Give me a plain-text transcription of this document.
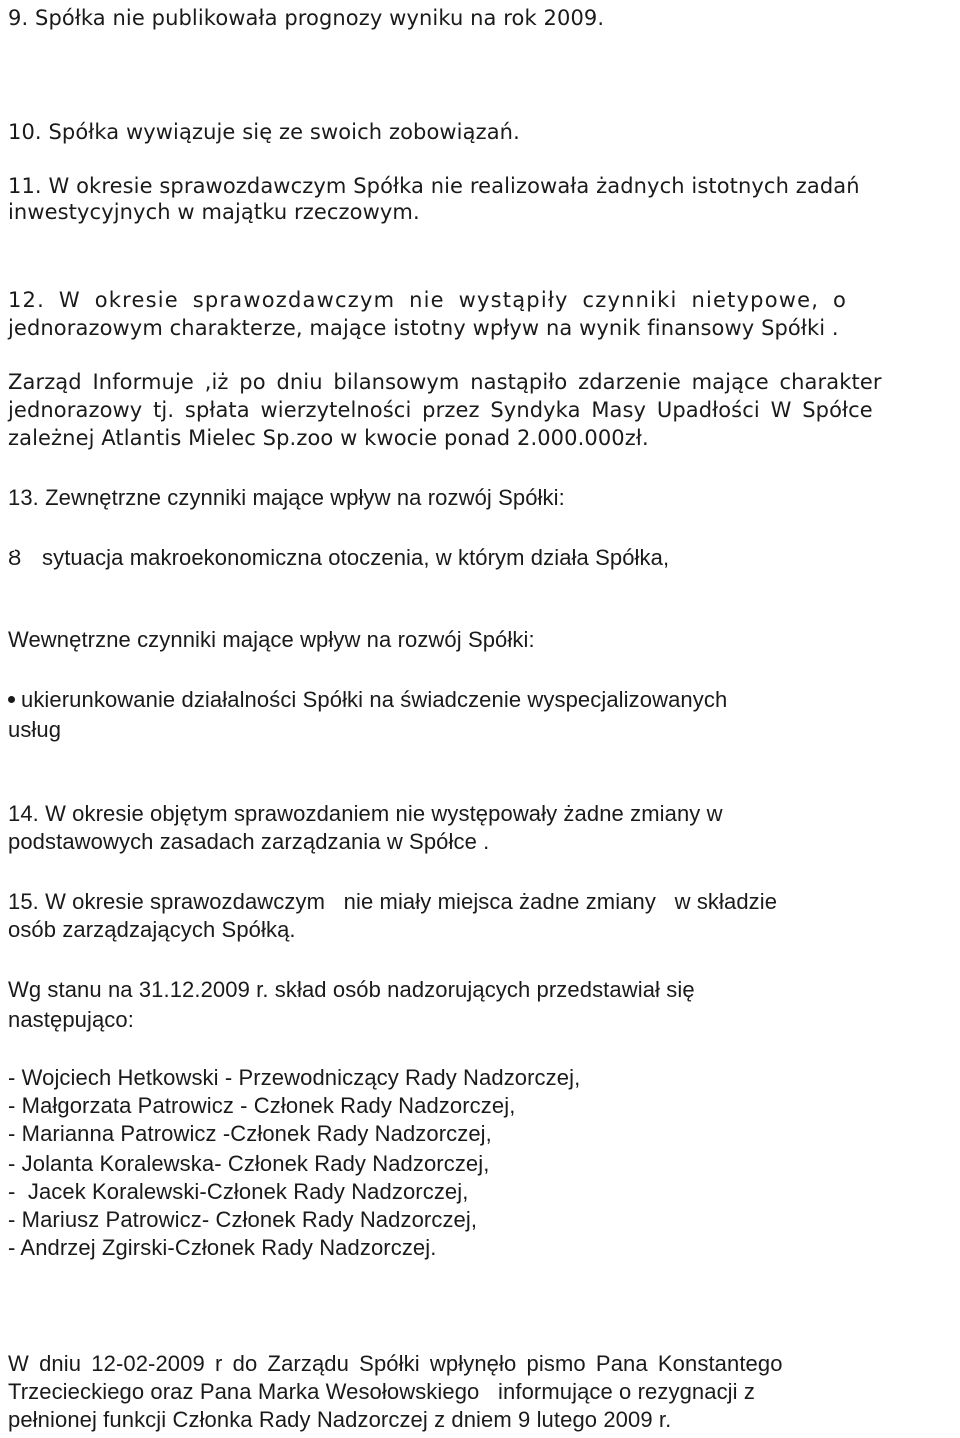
9. Spółka nie publikowała prognozy wyniku na rok 2009.
10. Spółka wywiązuje się ze swoich zobowiązań.
11. W okresie sprawozdawczym Spółka nie realizowała żadnych istotnych zadań
inwestycyjnych w majątku rzeczowym.
12. W okresie sprawozdawczym nie wystąpiły czynniki nietypowe, o
jednorazowym charakterze, mające istotny wpływ na wynik finansowy Spółki .
Zarząd Informuje ,iż po dniu bilansowym nastąpiło zdarzenie mające charakter
jednorazowy tj. spłata wierzytelności przez Syndyka Masy Upadłości W Spółce
zależnej Atlantis Mielec Sp.zoo w kwocie ponad 2.000.000zł.
13. Zewnętrzne czynniki mające wpływ na rozwój Spółki:
Ȣ sytuacja makroekonomiczna otoczenia, w którym działa Spółka,
Wewnętrzne czynniki mające wpływ na rozwój Spółki:
ukierunkowanie działalności Spółki na świadczenie wyspecjalizowanych
usług
14. W okresie objętym sprawozdaniem nie występowały żadne zmiany w
podstawowych zasadach zarządzania w Spółce .
15. W okresie sprawozdawczym   nie miały miejsca żadne zmiany   w składzie
osób zarządzających Spółką.
Wg stanu na 31.12.2009 r. skład osób nadzorujących przedstawiał się
następująco:
- Wojciech Hetkowski - Przewodniczący Rady Nadzorczej,
- Małgorzata Patrowicz - Członek Rady Nadzorczej,
- Marianna Patrowicz -Członek Rady Nadzorczej,
- Jolanta Koralewska- Członek Rady Nadzorczej,
-  Jacek Koralewski-Członek Rady Nadzorczej,
- Mariusz Patrowicz- Członek Rady Nadzorczej,
- Andrzej Zgirski-Członek Rady Nadzorczej.
W dniu 12-02-2009 r do Zarządu Spółki wpłynęło pismo Pana Konstantego
Trzecieckiego oraz Pana Marka Wesołowskiego   informujące o rezygnacji z
pełnionej funkcji Członka Rady Nadzorczej z dniem 9 lutego 2009 r.
